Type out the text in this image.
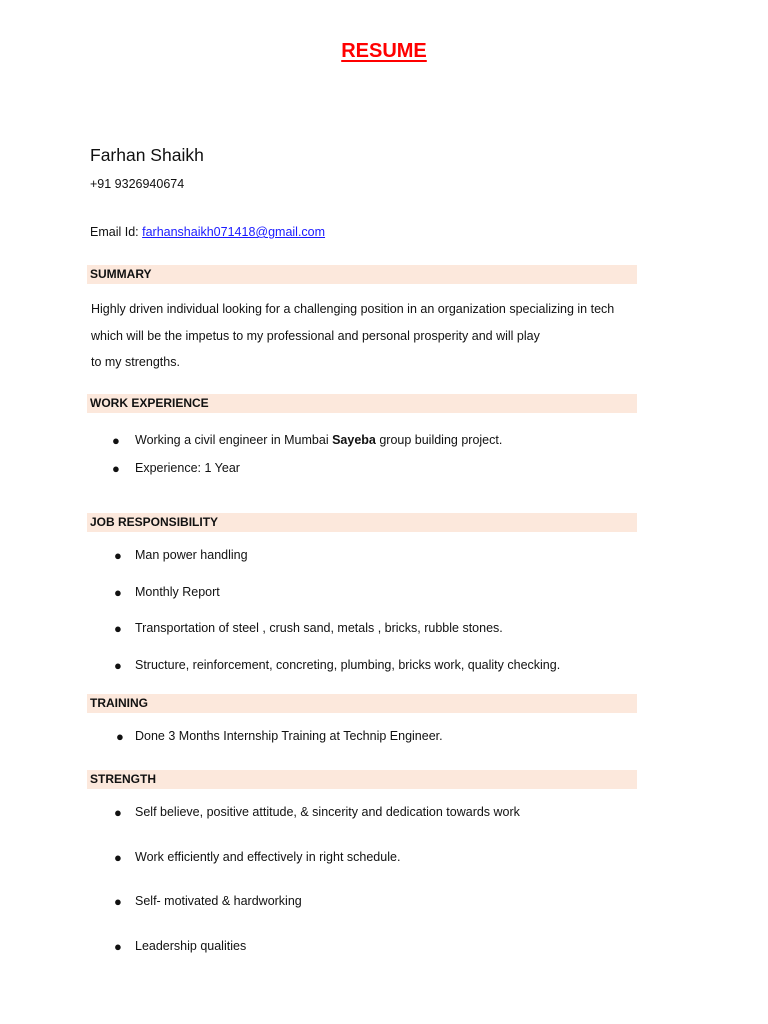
RESUME
Farhan Shaikh
+91 9326940674
Email Id: farhanshaikh071418@gmail.com
SUMMARY
Highly driven individual looking for a challenging position in an organization specializing in tech
which will be the impetus to my professional and personal prosperity and will play
to my strengths.
WORK EXPERIENCE
● Working a civil engineer in Mumbai Sayeba group building project.
● Experience: 1 Year
JOB RESPONSIBILITY
● Man power handling
● Monthly Report
● Transportation of steel , crush sand, metals , bricks, rubble stones.
● Structure, reinforcement, concreting, plumbing, bricks work, quality checking.
TRAINING
● Done 3 Months Internship Training at Technip Engineer.
STRENGTH
● Self believe, positive attitude, & sincerity and dedication towards work
● Work efficiently and effectively in right schedule.
● Self- motivated & hardworking
● Leadership qualities
